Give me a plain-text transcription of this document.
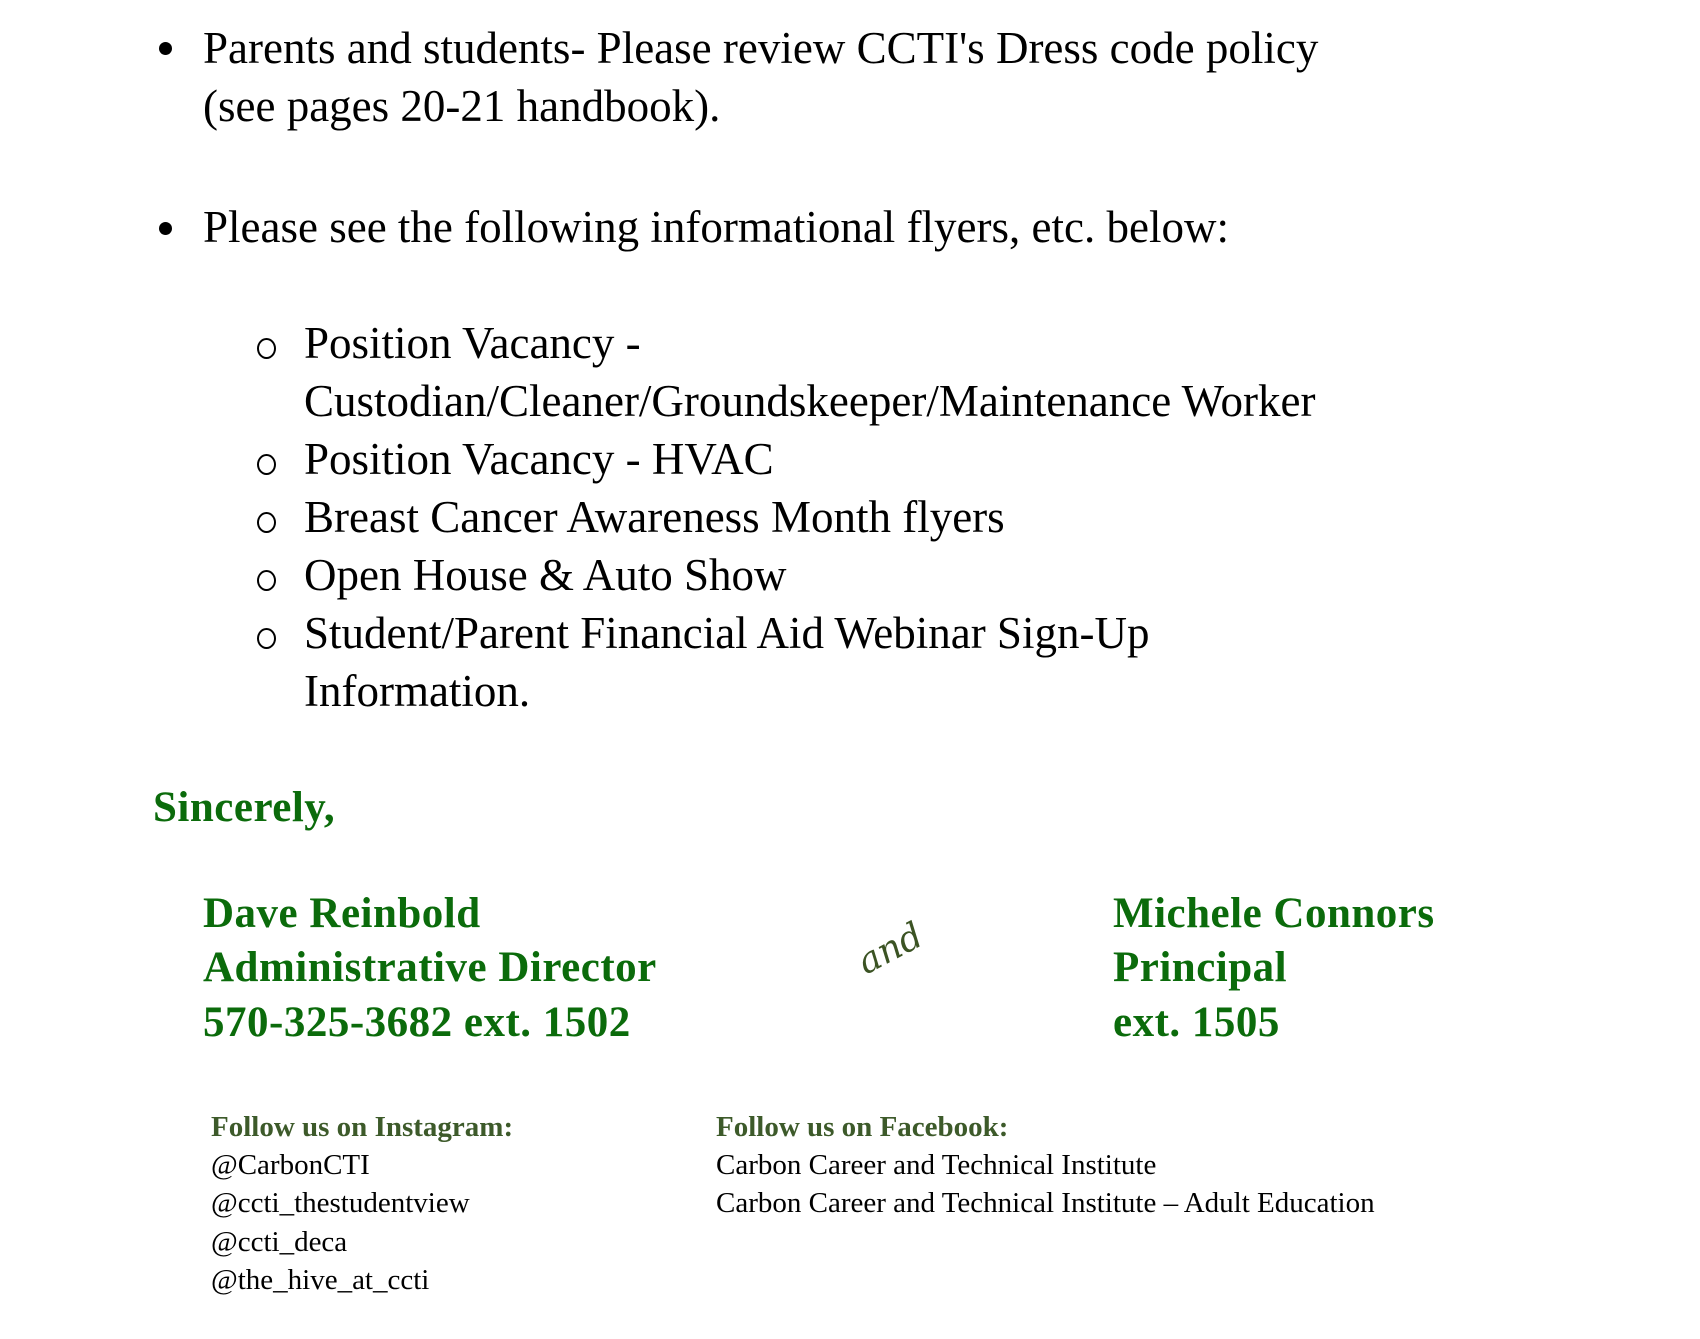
Parents and students- Please review CCTI's Dress code policy
(see pages 20-21 handbook).
Please see the following informational flyers, etc. below:
Position Vacancy -
Custodian/Cleaner/Groundskeeper/Maintenance Worker
Position Vacancy - HVAC
Breast Cancer Awareness Month flyers
Open House & Auto Show
Student/Parent Financial Aid Webinar Sign-Up
Information.
Sincerely,
Dave Reinbold
Administrative Director
570-325-3682 ext. 1502
and
Michele Connors
Principal
ext. 1505
Follow us on Instagram:
@CarbonCTI
@ccti_thestudentview
@ccti_deca
@the_hive_at_ccti
Follow us on Facebook:
Carbon Career and Technical Institute
Carbon Career and Technical Institute – Adult Education
